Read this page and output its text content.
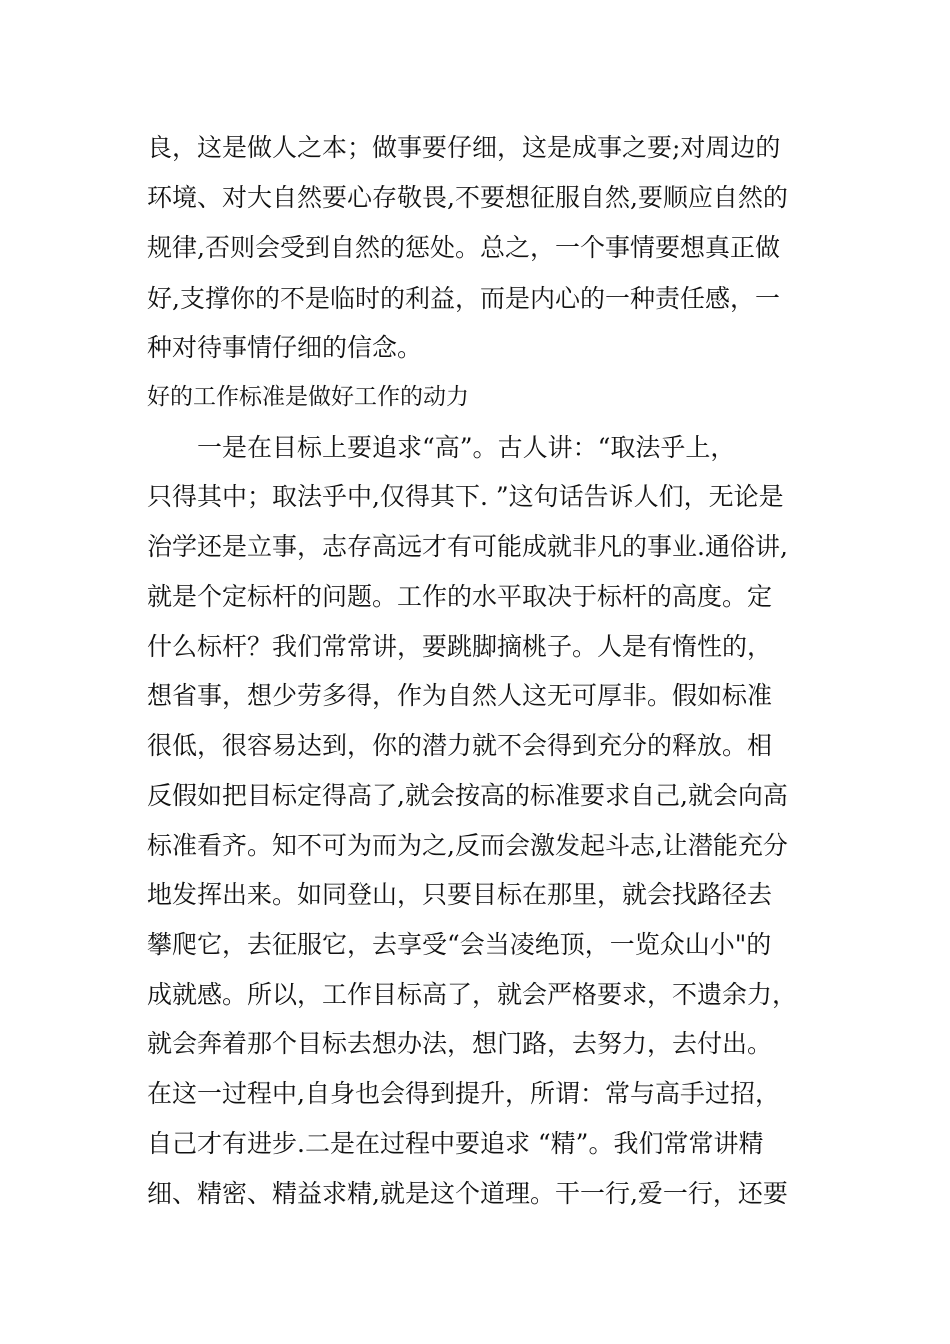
良，这是做人之本；做事要仔细，这是成事之要;对周边的

环境、对大自然要心存敬畏,不要想征服自然,要顺应自然的

规律,否则会受到自然的惩处。总之，一个事情要想真正做

好,支撑你的不是临时的利益，而是内心的一种责任感，一

种对待事情仔细的信念。

好的工作标准是做好工作的动力

一是在目标上要追求“高”。古人讲：“取法乎上，

只得其中；取法乎中,仅得其下. ”这句话告诉人们，无论是

治学还是立事，志存高远才有可能成就非凡的事业.通俗讲,

就是个定标杆的问题。工作的水平取决于标杆的高度。定

什么标杆？我们常常讲，要跳脚摘桃子。人是有惰性的，

想省事，想少劳多得，作为自然人这无可厚非。假如标准

很低，很容易达到，你的潜力就不会得到充分的释放。相

反假如把目标定得高了,就会按高的标准要求自己,就会向高

标准看齐。知不可为而为之,反而会激发起斗志,让潜能充分

地发挥出来。如同登山，只要目标在那里，就会找路径去

攀爬它，去征服它，去享受“会当凌绝顶，一览众山小"的

成就感。所以，工作目标高了，就会严格要求，不遗余力，

就会奔着那个目标去想办法，想门路，去努力，去付出。

在这一过程中,自身也会得到提升，所谓：常与高手过招，

自己才有进步.二是在过程中要追求 “精”。我们常常讲精

细、精密、精益求精,就是这个道理。干一行,爱一行，还要
